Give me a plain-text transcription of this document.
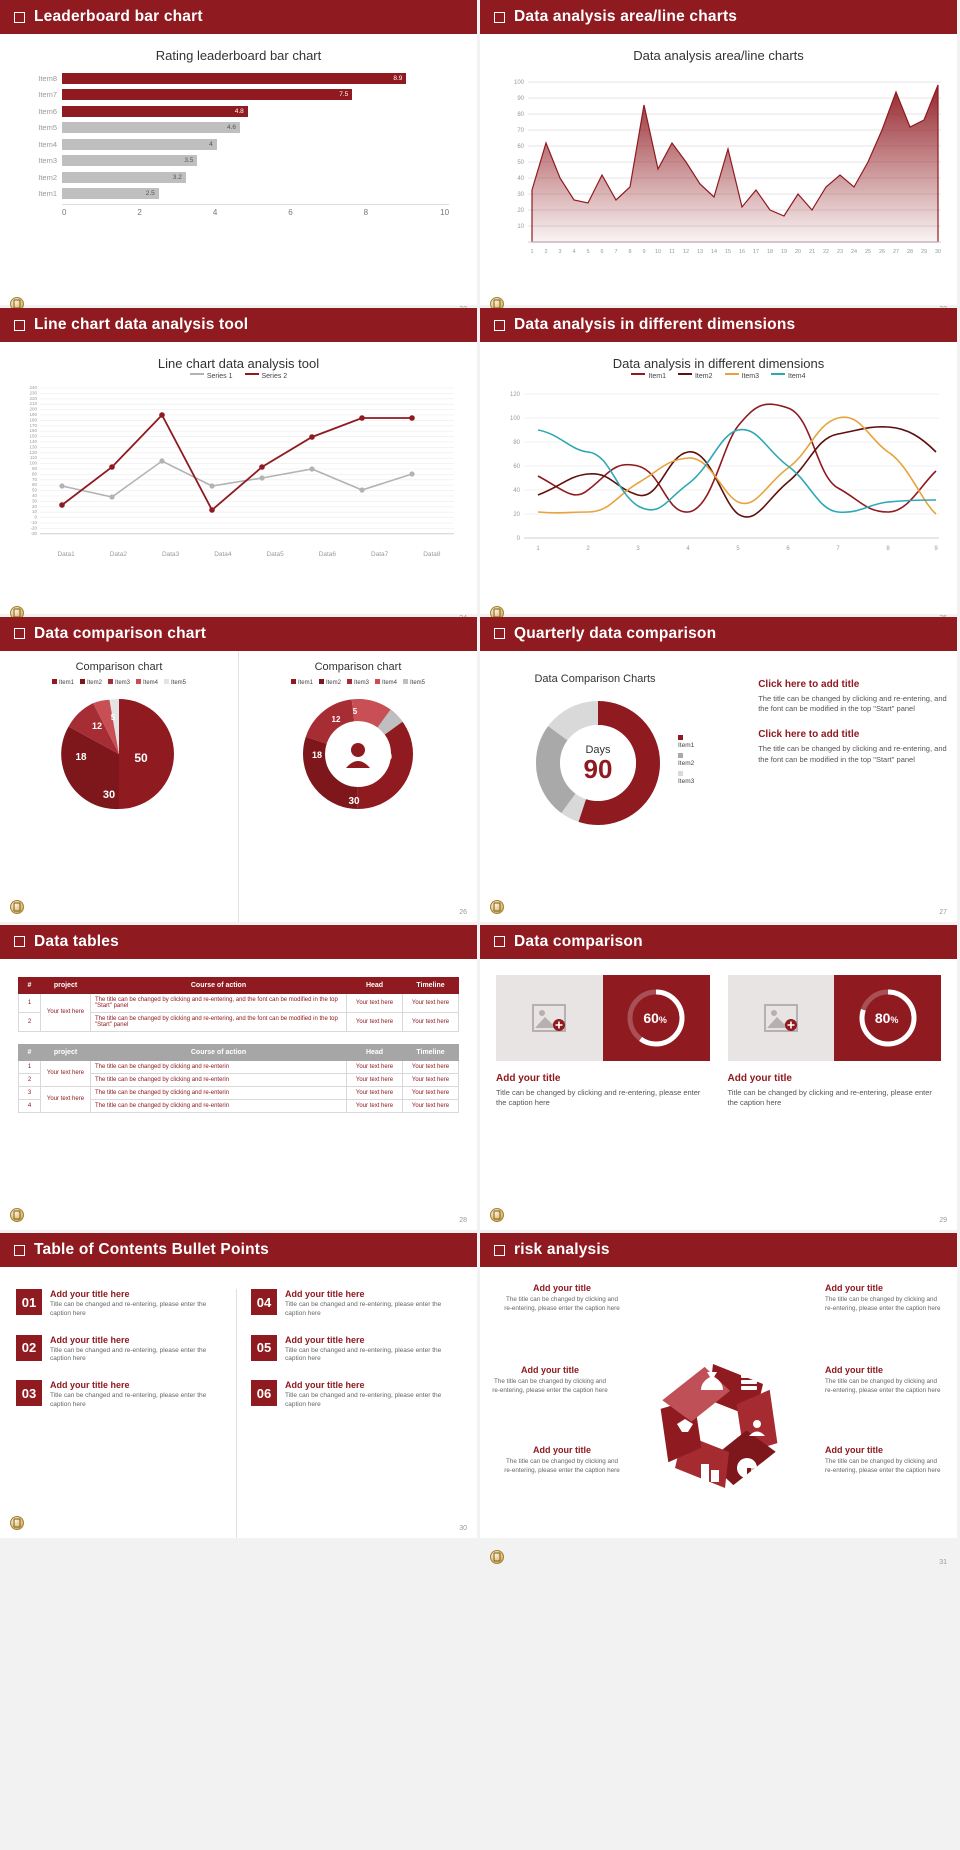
Leaderboard bar chart
Rating leaderboard bar chart
Item8	8.9
Item7	7.5
Item6	4.8
Item5	4.6
Item4	4
Item3	3.5
Item2	3.2
Item1	2.5
0	2	4	6	8	10
Data analysis area/line charts
Data analysis area/line charts
100
90
80
70
60
50
40
30
20
10
1 2 3 4 5 6 7 8 9 10 11 12 13 14 15 16 17 18 19 20 21 22 23 24 25 26 27 28 29 30
Line chart data analysis tool
Line chart data analysis tool
Series 1	Series 2
240
230
220
210
200
190
180
170
160
150
140
130
120
110
100
90
80
70
60
50
40
30
20
10
0
-10
-20
-30
Data1	Data2	Data3	Data4	Data5	Data6	Data7	Data8
Data analysis in different dimensions
Data analysis in different dimensions
Item1	Item2	Item3	Item4
120
100
80
60
40
20
0
1	2	3	4	5	6	7	8	9
Data comparison chart
Comparison chart
Item1	Item2	Item3	Item4	Item5
50
30
18
12
5
Comparison chart
Item1	Item2	Item3	Item4	Item5
50
30
18
12
5
26
Quarterly data comparison
Data Comparison Charts
Days
90
Item1
Item2
Item3
Click here to add title
The title can be changed by clicking and re-entering, and the font can be modified in the top "Start" panel
Click here to add title
The title can be changed by clicking and re-entering, and the font can be modified in the top "Start" panel
27
Data tables
#	project	Course of action	Head	Timeline
1	Your text here	The title can be changed by clicking and re-entering, and the font can be modified in the top "Start" panel	Your text here	Your text here
2		The title can be changed by clicking and re-entering, and the font can be modified in the top "Start" panel	Your text here	Your text here
#	project	Course of action	Head	Timeline
1	Your text here	The title can be changed by clicking and re-enterin	Your text here	Your text here
2		The title can be changed by clicking and re-enterin	Your text here	Your text here
3	Your text here	The title can be changed by clicking and re-enterin	Your text here	Your text here
4		The title can be changed by clicking and re-enterin	Your text here	Your text here
28
Data comparison
60%	80%
Add your title

Title can be changed by clicking and re-entering, please enter the caption here

Add your title

Title can be changed by clicking and re-entering, please enter the caption here

29
Table of Contents Bullet Points
01
Add your title here

Title can be changed and re-entering, please enter the caption here

02
Add your title here

Title can be changed and re-entering, please enter the caption here

03
Add your title here

Title can be changed and re-entering, please enter the caption here

04
Add your title here

Title can be changed and re-entering, please enter the caption here

05
Add your title here

Title can be changed and re-entering, please enter the caption here

06
Add your title here

Title can be changed and re-entering, please enter the caption here

30
risk analysis
Add your title

The title can be changed by clicking and re-entering, please enter the caption here

Add your title

The title can be changed by clicking and re-entering, please enter the caption here

Add your title

The title can be changed by clicking and re-entering, please enter the caption here

Add your title

The title can be changed by clicking and re-entering, please enter the caption here

Add your title

The title can be changed by clicking and re-entering, please enter the caption here

Add your title

The title can be changed by clicking and re-entering, please enter the caption here

31
